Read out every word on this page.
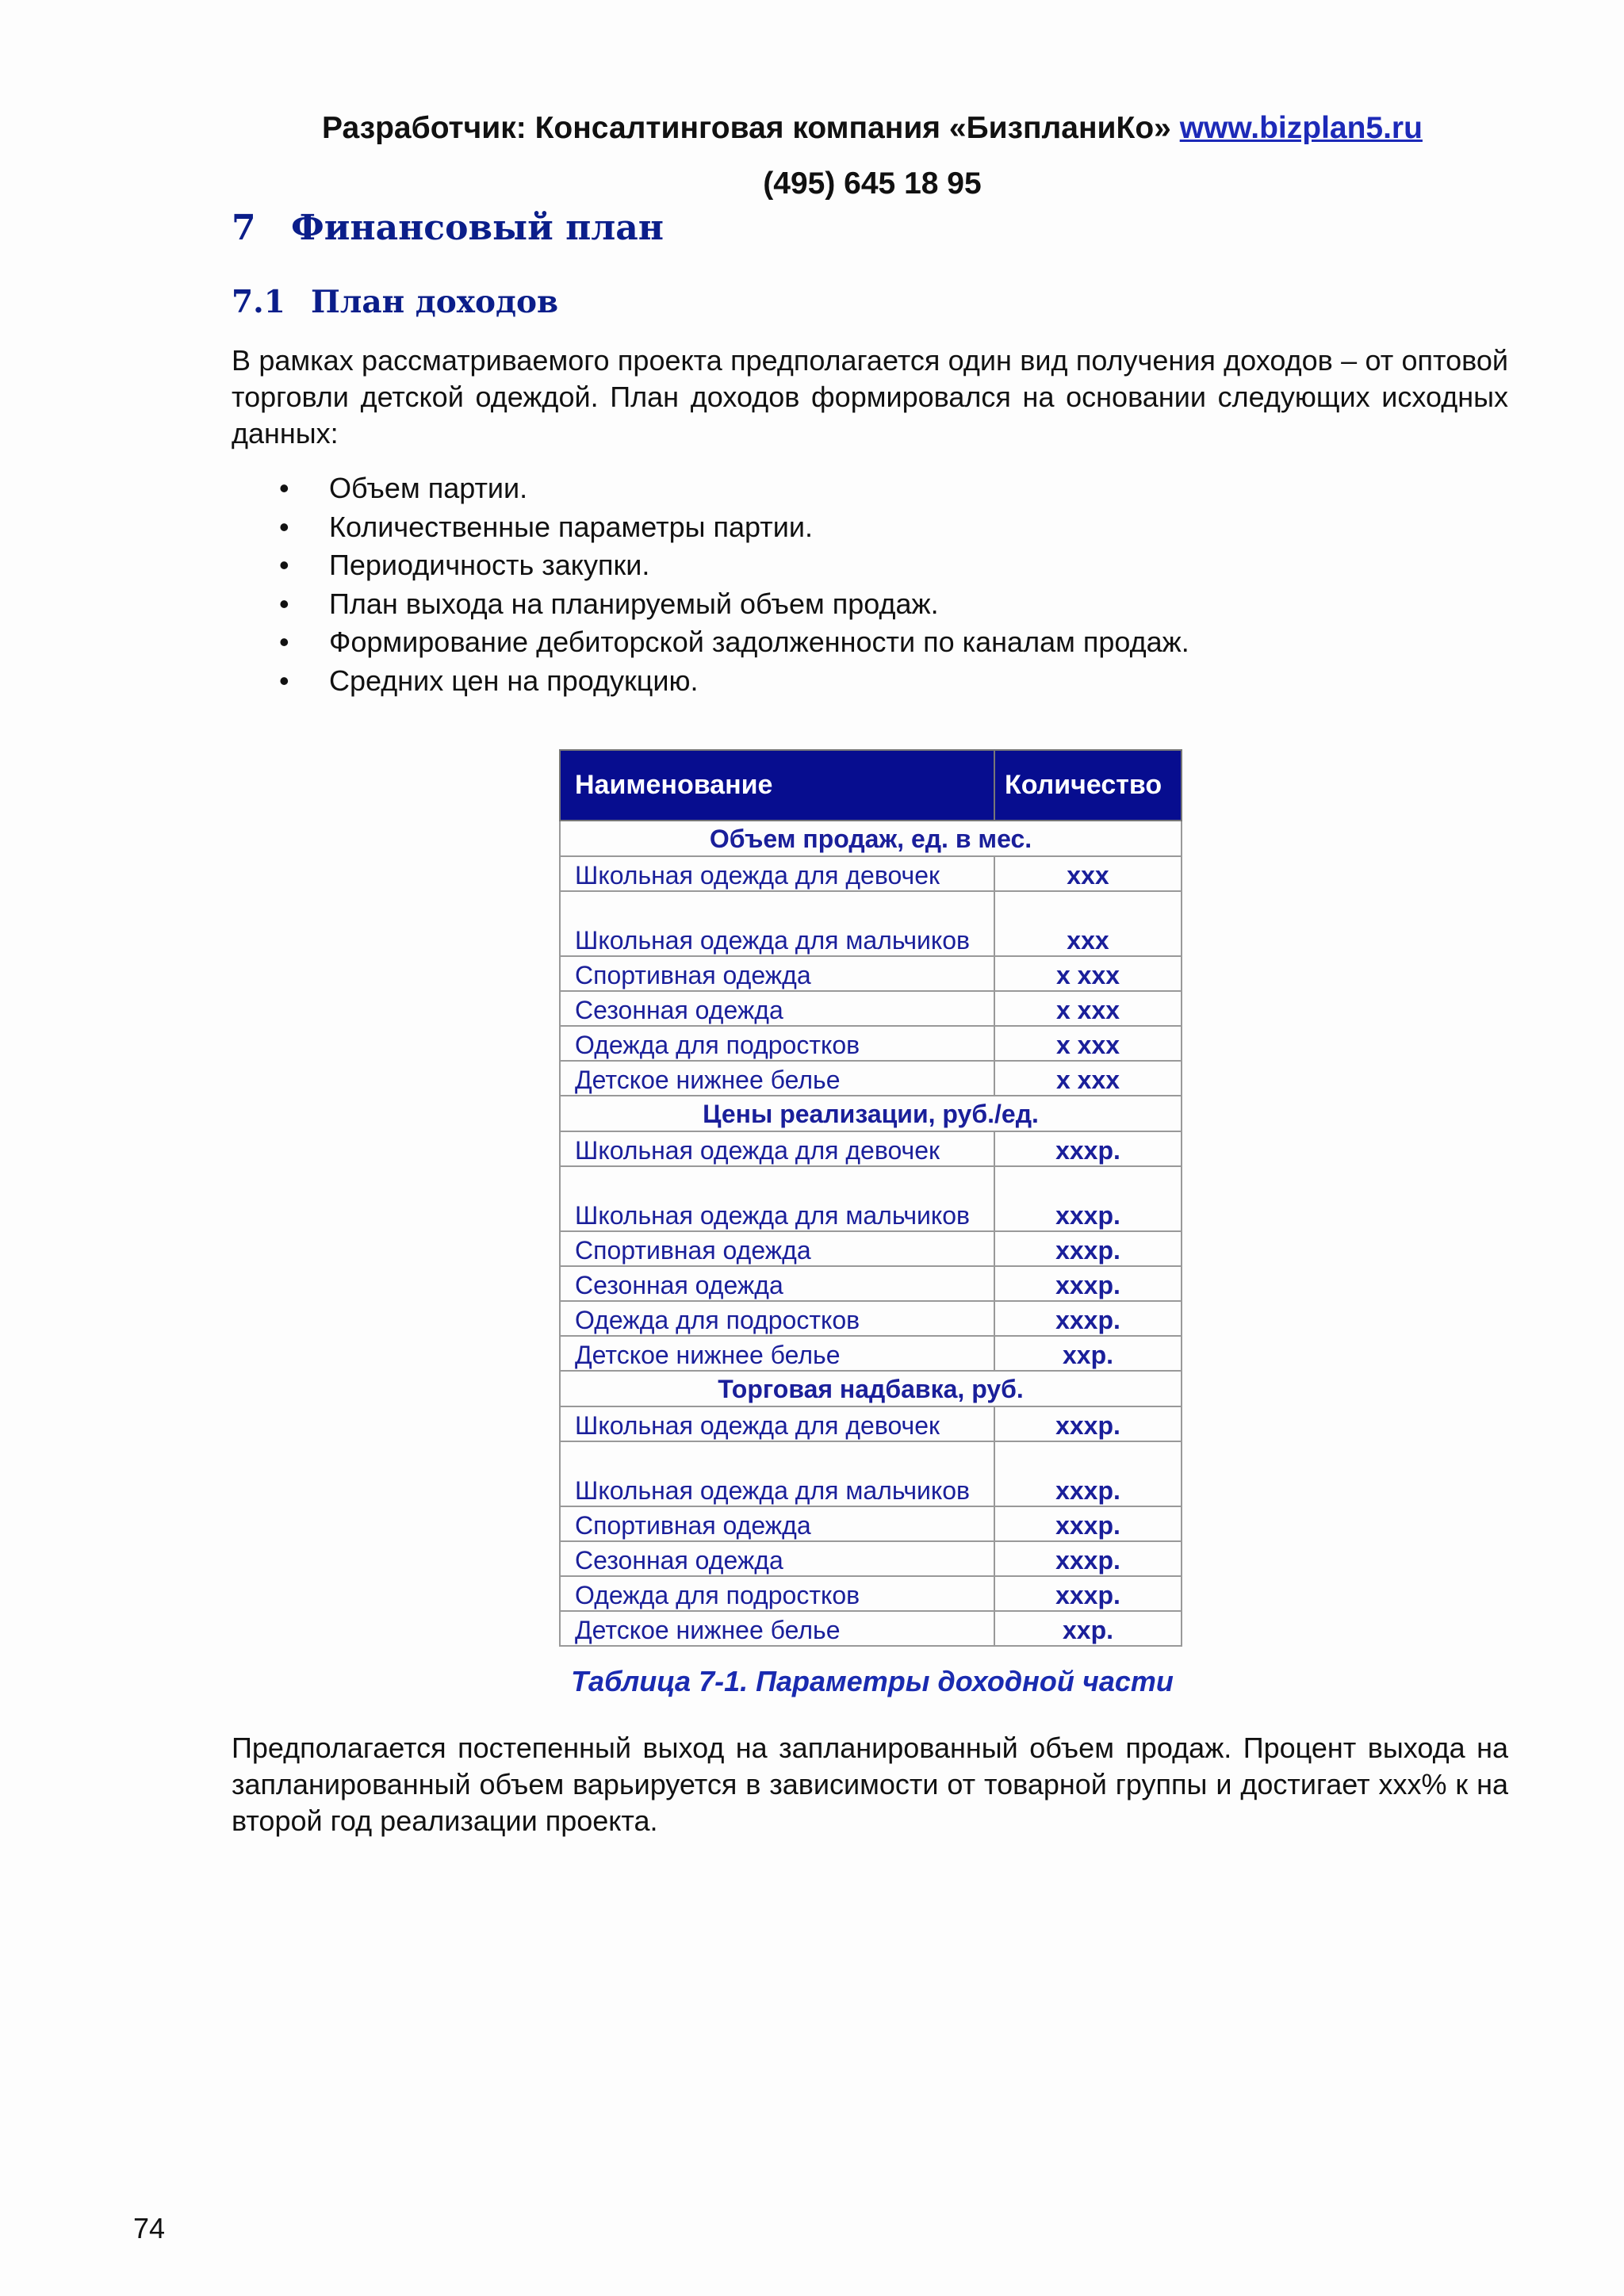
Разработчик: Консалтинговая компания «БизпланиКо» www.bizplan5.ru
(495) 645 18 95
7 Финансовый план
7.1 План доходов
В рамках рассматриваемого проекта предполагается один вид получения доходов – от оптовой торговли детской одеждой. План доходов формировался на основании следующих исходных данных:
• Объем партии.
• Количественные параметры партии.
• Периодичность закупки.
• План выхода на планируемый объем продаж.
• Формирование дебиторской задолженности по каналам продаж.
• Средних цен на продукцию.
Наименование	Количество
Объем продаж, ед. в мес.	
Школьная одежда для девочек	ххх
Школьная одежда для мальчиков	ххх
Спортивная одежда	х ххх
Сезонная одежда	х ххх
Одежда для подростков	х ххх
Детское нижнее белье	х ххх
Цены реализации, руб./ед.	
Школьная одежда для девочек	хххр.
Школьная одежда для мальчиков	хххр.
Спортивная одежда	хххр.
Сезонная одежда	хххр.
Одежда для подростков	хххр.
Детское нижнее белье	ххр.
Торговая надбавка, руб.	
Школьная одежда для девочек	хххр.
Школьная одежда для мальчиков	хххр.
Спортивная одежда	хххр.
Сезонная одежда	хххр.
Одежда для подростков	хххр.
Детское нижнее белье	ххр.
Таблица 7-1. Параметры доходной части
Предполагается постепенный выход на запланированный объем продаж. Процент выхода на запланированный объем варьируется в зависимости от товарной группы и достигает ххх% к на второй год реализации проекта.
74
